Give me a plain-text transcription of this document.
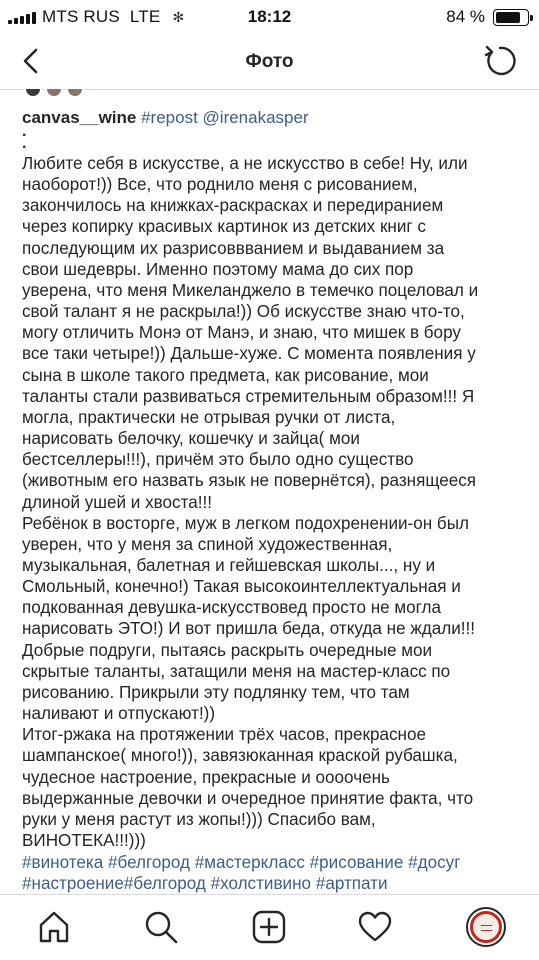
MTS RUS LTE ✻	18:12	84 %
Фото
canvas__wine #repost @irenakasper
·
·

Любите себя в искусстве, а не искусство в себе! Ну, или

наоборот!)) Все, что роднило меня с рисованием,

закончилось на книжках-раскрасках и передиранием

через копирку красивых картинок из детских книг с

последующим их разрисоввванием и выдаванием за

свои шедевры. Именно поэтому мама до сих пор

уверена, что меня Микеланджело в темечко поцеловал и

свой талант я не раскрыла!)) Об искусстве знаю что-то,

могу отличить Монэ от Манэ, и знаю, что мишек в бору

все таки четыре!)) Дальше-хуже. С момента появления у

сына в школе такого предмета, как рисование, мои

таланты стали развиваться стремительным образом!!! Я

могла, практически не отрывая ручки от листа,

нарисовать белочку, кошечку и зайца( мои

бестселлеры!!!), причём это было одно существо

(животным его назвать язык не повернётся), разнящееся

длиной ушей и хвоста!!!

Ребёнок в восторге, муж в легком подохренении-он был

уверен, что у меня за спиной художественная,

музыкальная, балетная и гейшевская школы..., ну и

Смольный, конечно!) Такая высокоинтеллектуальная и

подкованная девушка-искусствовед просто не могла

нарисовать ЭТО!) И вот пришла беда, откуда не ждали!!!

Добрые подруги, пытаясь раскрыть очередные мои

скрытые таланты, затащили меня на мастер-класс по

рисованию. Прикрыли эту подлянку тем, что там

наливают и отпускают!))

Итог-ржака на протяжении трёх часов, прекрасное

шампанское( много!)), завязюканная краской рубашка,

чудесное настроение, прекрасные и оооочень

выдержанные девочки и очередное принятие факта, что

руки у меня растут из жопы!))) Спасибо вам,

ВИНОТЕКА!!!)))

#винотека #белгород #мастеркласс #рисование #досуг

#настроение#белгород #холстивино #артпати
